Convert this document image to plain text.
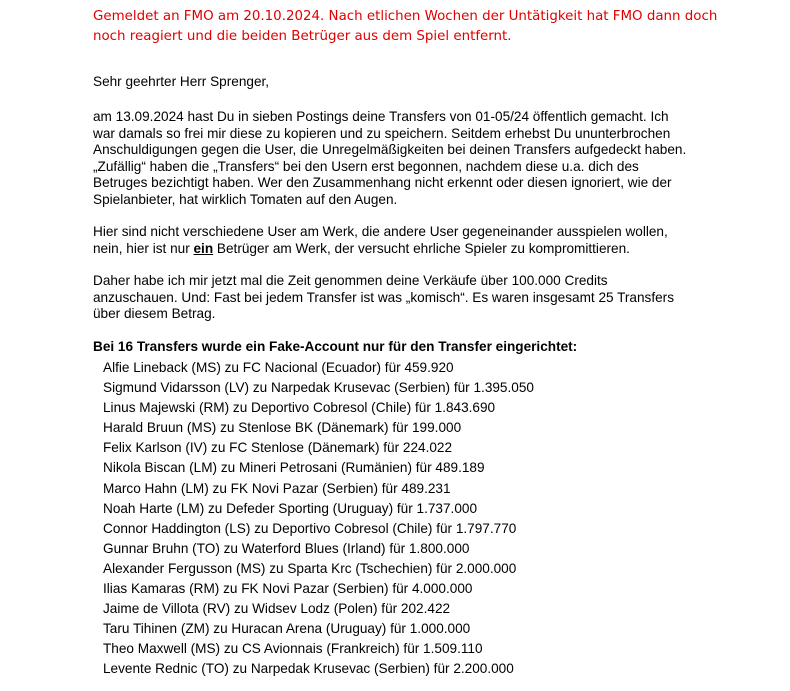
Gemeldet an FMO am 20.10.2024. Nach etlichen Wochen der Untätigkeit hat FMO dann doch noch reagiert und die beiden Betrüger aus dem Spiel entfernt.
Sehr geehrter Herr Sprenger,
am 13.09.2024 hast Du in sieben Postings deine Transfers von 01-05/24 öffentlich gemacht. Ich war damals so frei mir diese zu kopieren und zu speichern. Seitdem erhebst Du ununterbrochen Anschuldigungen gegen die User, die Unregelmäßigkeiten bei deinen Transfers aufgedeckt haben. „Zufällig“ haben die „Transfers“ bei den Usern erst begonnen, nachdem diese u.a. dich des Betruges bezichtigt haben. Wer den Zusammenhang nicht erkennt oder diesen ignoriert, wie der Spielanbieter, hat wirklich Tomaten auf den Augen.
Hier sind nicht verschiedene User am Werk, die andere User gegeneinander ausspielen wollen, nein, hier ist nur ein Betrüger am Werk, der versucht ehrliche Spieler zu kompromittieren.
Daher habe ich mir jetzt mal die Zeit genommen deine Verkäufe über 100.000 Credits anzuschauen. Und: Fast bei jedem Transfer ist was „komisch“. Es waren insgesamt 25 Transfers über diesem Betrag.
Bei 16 Transfers wurde ein Fake-Account nur für den Transfer eingerichtet:
Alfie Lineback (MS) zu FC Nacional (Ecuador) für 459.920
Sigmund Vidarsson (LV) zu Narpedak Krusevac (Serbien) für 1.395.050
Linus Majewski (RM) zu Deportivo Cobresol (Chile) für 1.843.690
Harald Bruun (MS) zu Stenlose BK (Dänemark) für 199.000
Felix Karlson (IV) zu FC Stenlose (Dänemark) für 224.022
Nikola Biscan (LM) zu Mineri Petrosani (Rumänien) für 489.189
Marco Hahn (LM) zu FK Novi Pazar (Serbien) für 489.231
Noah Harte (LM) zu Defeder Sporting (Uruguay) für 1.737.000
Connor Haddington (LS) zu Deportivo Cobresol (Chile) für 1.797.770
Gunnar Bruhn (TO) zu Waterford Blues (Irland) für 1.800.000
Alexander Fergusson (MS) zu Sparta Krc (Tschechien) für 2.000.000
Ilias Kamaras (RM) zu FK Novi Pazar (Serbien) für 4.000.000
Jaime de Villota (RV) zu Widsev Lodz (Polen) für 202.422
Taru Tihinen (ZM) zu Huracan Arena (Uruguay) für 1.000.000
Theo Maxwell (MS) zu CS Avionnais (Frankreich) für 1.509.110
Levente Rednic (TO) zu Narpedak Krusevac (Serbien) für 2.200.000
